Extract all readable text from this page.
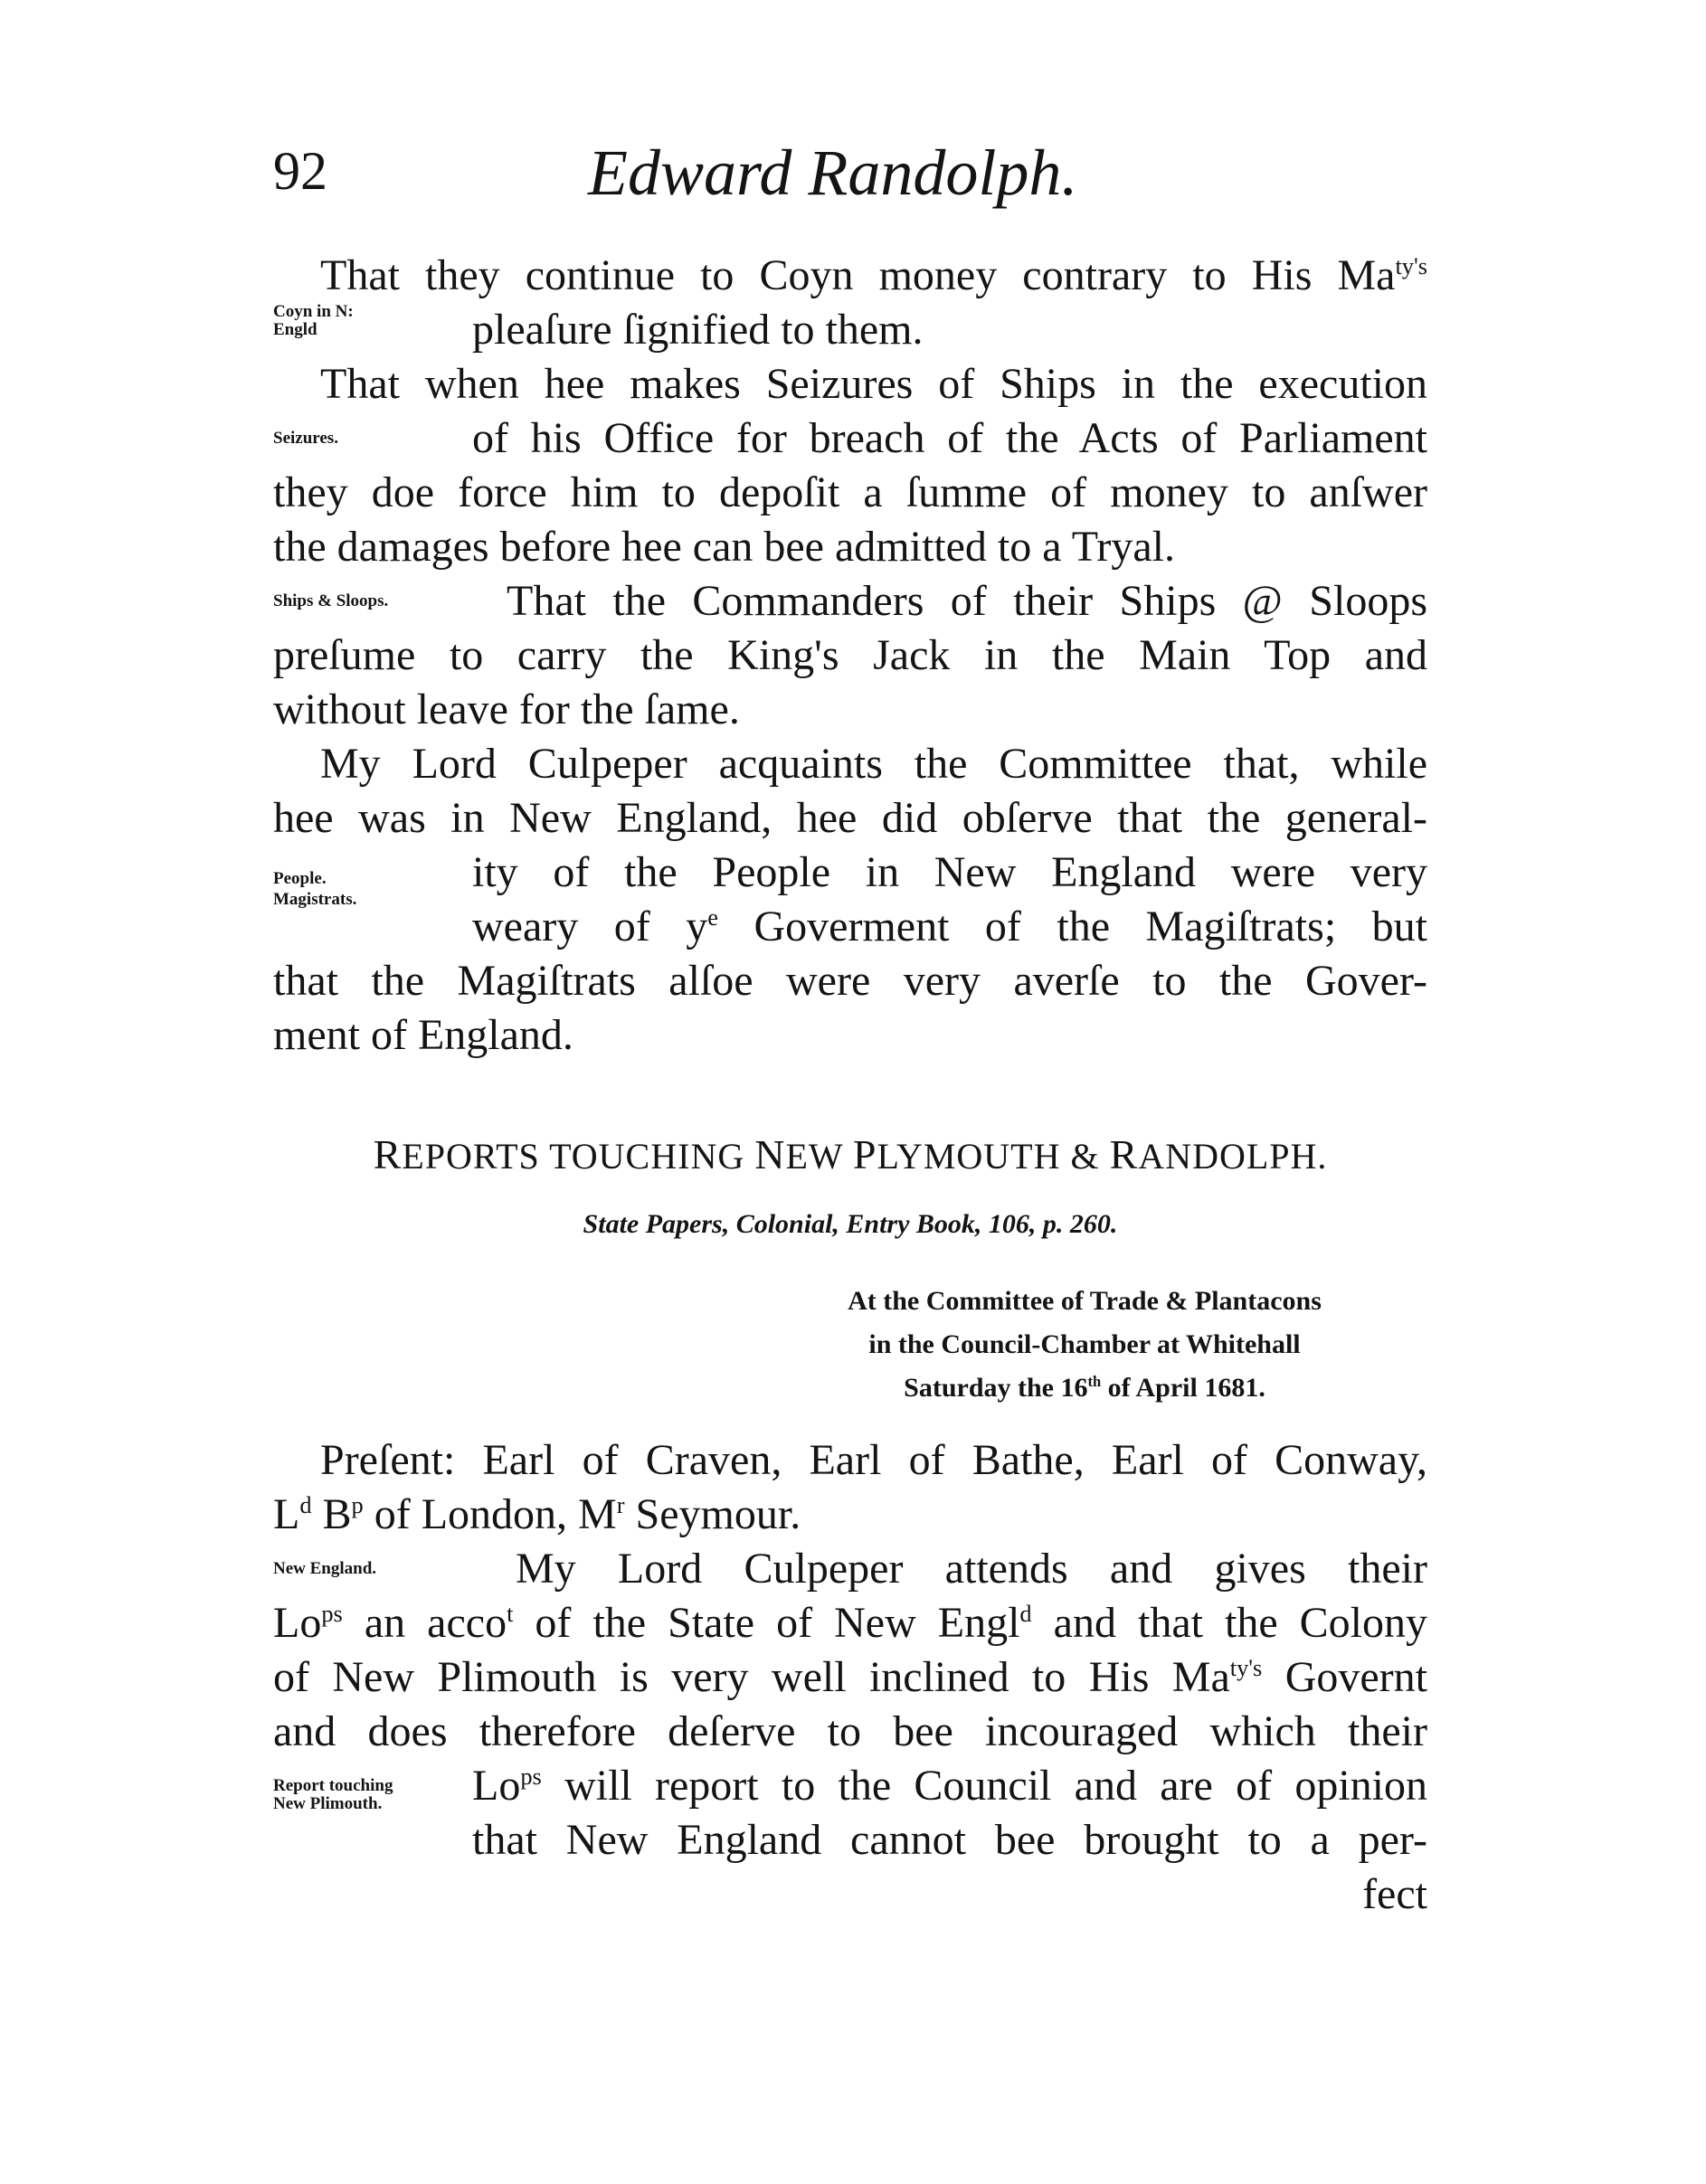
92	Edward Randolph.
That they continue to Coyn money contrary to His $Ma^{ty's}$
Coyn in N:
Engld	pleaſure ſignified to them.
That when hee makes Seizures of Ships in the execution
Seizures.	of his Office for breach of the Acts of Parliament
they doe force him to depoſit a ſumme of money to anſwer
the damages before hee can bee admitted to a Tryal.
Ships & Sloops.	That the Commanders of their Ships @ Sloops
preſume to carry the King's Jack in the Main Top and
without leave for the ſame.
My Lord Culpeper acquaints the Committee that, while
hee was in New England, hee did obſerve that the general-
People.	ity of the People in New England were very
Magistrats.
weary of $y^e$ Goverment of the Magiſtrats; but
that the Magiſtrats alſoe were very averſe to the Gover-
ment of England.
REPORTS TOUCHING NEW PLYMOUTH & RANDOLPH.
State Papers, Colonial, Entry Book, 106, p. 260.
At the Committee of Trade & Plantacons
in the Council-Chamber at Whitehall
Saturday the 16th of April 1681.
Preſent: Earl of Craven, Earl of Bathe, Earl of Conway,
$L^d$ $B^p$ of London, $M^r$ Seymour.
New England.	My Lord Culpeper attends and gives their
$Lo^{ps}$ an acco$^t$ of the State of New Engl$^d$ and that the Colony
of New Plimouth is very well inclined to His $Ma^{ty's}$ Governt
and does therefore deſerve to bee incouraged which their
Report touching
New Plimouth. $Lo^{ps}$ will report to the Council and are of opinion
that New England cannot bee brought to a per-
fect
